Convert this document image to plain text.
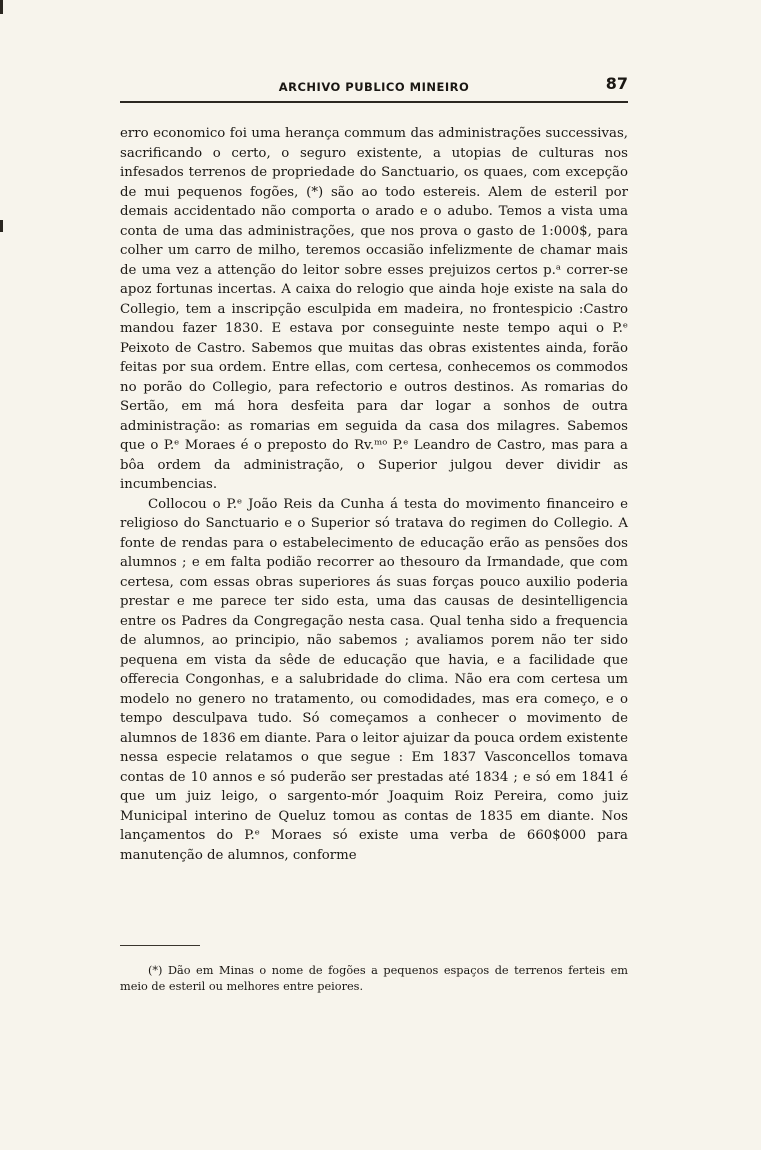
ARCHIVO PUBLICO MINEIRO	87

erro economico foi uma herança commum das administrações successivas, sacrificando o certo, o seguro existente, a utopias de culturas nos infesados terrenos de propriedade do Sanctuario, os quaes, com excepção de mui pequenos fogões, (*) são ao todo estereis. Alem de esteril por demais accidentado não comporta o arado e o adubo. Temos a vista uma conta de uma das administrações, que nos prova o gasto de 1:000$, para colher um carro de milho, teremos occasião infelizmente de chamar mais de uma vez a attenção do leitor sobre esses prejuizos certos p.ᵃ correr-se apoz fortunas incertas. A caixa do relogio que ainda hoje existe na sala do Collegio, tem a inscripção esculpida em madeira, no frontespicio :Castro mandou fazer 1830. E estava por conseguinte neste tempo aqui o P.ᵉ Peixoto de Castro. Sabemos que muitas das obras existentes ainda, forão feitas por sua ordem. Entre ellas, com certesa, conhecemos os commodos no porão do Collegio, para refectorio e outros destinos. As romarias do Sertão, em má hora desfeita para dar logar a sonhos de outra administração: as romarias em seguida da casa dos milagres. Sabemos que o P.ᵉ Moraes é o preposto do Rv.ᵐᵒ P.ᵉ Leandro de Castro, mas para a bôa ordem da administração, o Superior julgou dever dividir as incumbencias.

Collocou o P.ᵉ João Reis da Cunha á testa do movimento financeiro e religioso do Sanctuario e o Superior só tratava do regimen do Collegio. A fonte de rendas para o estabelecimento de educação erão as pensões dos alumnos ; e em falta podião recorrer ao thesouro da Irmandade, que com certesa, com essas obras superiores ás suas forças pouco auxilio poderia prestar e me parece ter sido esta, uma das causas de desintelligencia entre os Padres da Congregação nesta casa. Qual tenha sido a frequencia de alumnos, ao principio, não sabemos ; avaliamos porem não ter sido pequena em vista da sêde de educação que havia, e a facilidade que offerecia Congonhas, e a salubridade do clima. Não era com certesa um modelo no genero no tratamento, ou comodidades, mas era começo, e o tempo desculpava tudo. Só começamos a conhecer o movimento de alumnos de 1836 em diante. Para o leitor ajuizar da pouca ordem existente nessa especie relatamos o que segue : Em 1837 Vasconcellos tomava contas de 10 annos e só puderão ser prestadas até 1834 ; e só em 1841 é que um juiz leigo, o sargento-mór Joaquim Roiz Pereira, como juiz Municipal interino de Queluz tomou as contas de 1835 em diante. Nos lançamentos do P.ᵉ Moraes só existe uma verba de 660$000 para manutenção de alumnos, conforme

(*) Dão em Minas o nome de fogões a pequenos espaços de terrenos ferteis em meio de esteril ou melhores entre peiores.
